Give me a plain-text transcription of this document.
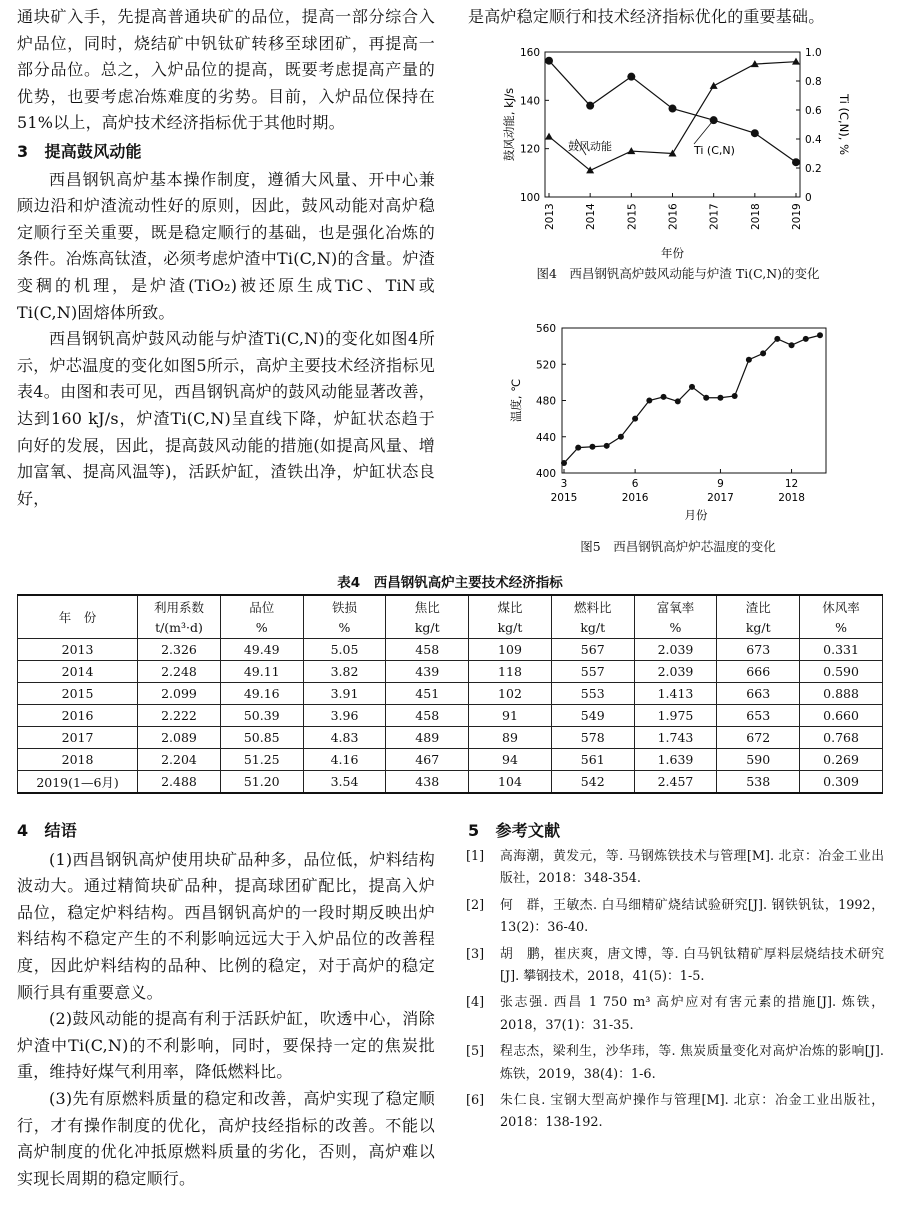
通块矿入手，先提高普通块矿的品位，提高一部分综合入炉品位，同时，烧结矿中钒钛矿转移至球团矿，再提高一部分品位。总之，入炉品位的提高，既要考虑提高产量的优势，也要考虑冶炼难度的劣势。目前，入炉品位保持在51%以上，高炉技术经济指标优于其他时期。

3　提高鼓风动能

西昌钢钒高炉基本操作制度，遵循大风量、开中心兼顾边沿和炉渣流动性好的原则，因此，鼓风动能对高炉稳定顺行至关重要，既是稳定顺行的基础，也是强化冶炼的条件。冶炼高钛渣，必须考虑炉渣中Ti(C,N)的含量。炉渣变稠的机理，是炉渣(TiO₂)被还原生成TiC、TiN或Ti(C,N)固熔体所致。

西昌钢钒高炉鼓风动能与炉渣Ti(C,N)的变化如图4所示，炉芯温度的变化如图5所示，高炉主要技术经济指标见表4。由图和表可见，西昌钢钒高炉的鼓风动能显著改善，达到160 kJ/s，炉渣Ti(C,N)呈直线下降，炉缸状态趋于向好的发展，因此，提高鼓风动能的措施(如提高风量、增加富氧、提高风温等)，活跃炉缸，渣铁出净，炉缸状态良好，

是高炉稳定顺行和技术经济指标优化的重要基础。

100
120
140
160
0
0.2
0.4
0.6
0.8
1.0
2013	2014	2015	2016	2017	2018	2019
年份
鼓风动能, kJ/s	Ti (C,N), %
鼓风动能	Ti (C,N)
图4　西昌钢钒高炉鼓风动能与炉渣 Ti(C,N)的变化
400
440
480
520
560
3
2015
6
2016
9
2017
12
2018
月份
温度, ℃
图5　西昌钢钒高炉炉芯温度的变化
表4　西昌钢钒高炉主要技术经济指标
年　份	利用系数	品位	铁损	焦比	煤比	燃料比	富氧率	渣比	休风率
	t/(m³·d)	%	%	kg/t	kg/t	kg/t	%	kg/t	%
2013	2.326	49.49	5.05	458	109	567	2.039	673	0.331
2014	2.248	49.11	3.82	439	118	557	2.039	666	0.590
2015	2.099	49.16	3.91	451	102	553	1.413	663	0.888
2016	2.222	50.39	3.96	458	91	549	1.975	653	0.660
2017	2.089	50.85	4.83	489	89	578	1.743	672	0.768
2018	2.204	51.25	4.16	467	94	561	1.639	590	0.269
2019(1—6月)	2.488	51.20	3.54	438	104	542	2.457	538	0.309

4　结语

(1)西昌钢钒高炉使用块矿品种多，品位低，炉料结构波动大。通过精简块矿品种，提高球团矿配比，提高入炉品位，稳定炉料结构。西昌钢钒高炉的一段时期反映出炉料结构不稳定产生的不利影响远远大于入炉品位的改善程度，因此炉料结构的品种、比例的稳定，对于高炉的稳定顺行具有重要意义。

(2)鼓风动能的提高有利于活跃炉缸，吹透中心，消除炉渣中Ti(C,N)的不利影响，同时，要保持一定的焦炭批重，维持好煤气利用率，降低燃料比。

(3)先有原燃料质量的稳定和改善，高炉实现了稳定顺行，才有操作制度的优化，高炉技经指标的改善。不能以高炉制度的优化冲抵原燃料质量的劣化，否则，高炉难以实现长周期的稳定顺行。

5　参考文献

[1]	高海潮，黄发元，等. 马钢炼铁技术与管理[M]. 北京：冶金工业出版社，2018：348-354.
[2]	何　群，王敏杰. 白马细精矿烧结试验研究[J]. 钢铁钒钛，1992，13(2)：36-40.
[3]	胡　鹏，崔庆爽，唐文博，等. 白马钒钛精矿厚料层烧结技术研究[J]. 攀钢技术，2018，41(5)：1-5.
[4]	张志强. 西昌 1 750 m³ 高炉应对有害元素的措施[J]. 炼铁，2018，37(1)：31-35.
[5]	程志杰，梁利生，沙华玮，等. 焦炭质量变化对高炉冶炼的影响[J]. 炼铁，2019，38(4)：1-6.
[6]	朱仁良. 宝钢大型高炉操作与管理[M]. 北京：冶金工业出版社，2018：138-192.
